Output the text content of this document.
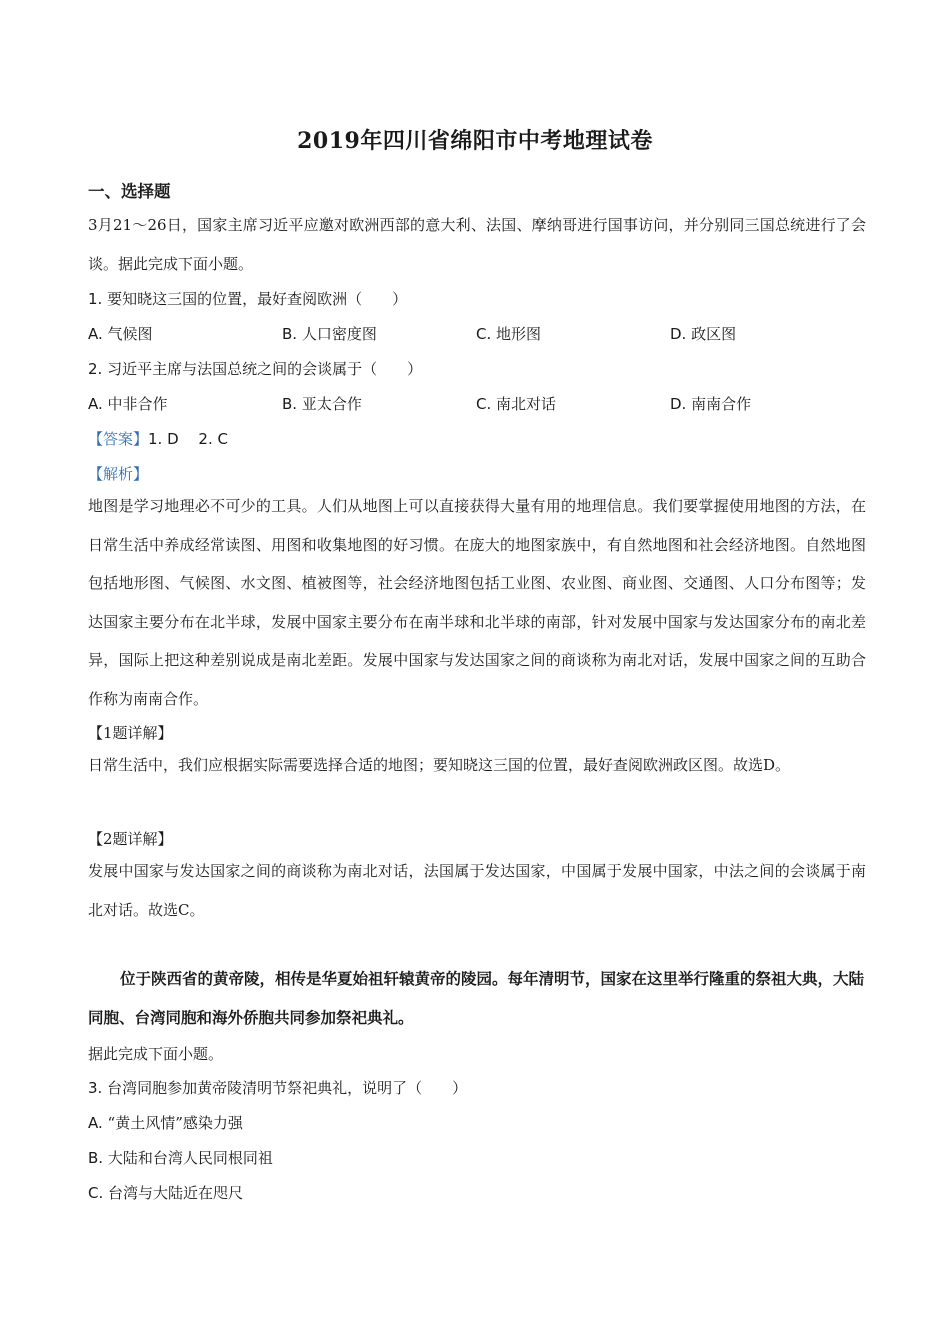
2019年四川省绵阳市中考地理试卷
一、选择题
3月21～26日，国家主席习近平应邀对欧洲西部的意大利、法国、摩纳哥进行国事访问，并分别同三国总统进行了会谈。据此完成下面小题。
1. 要知晓这三国的位置，最好查阅欧洲（　　）
A. 气候图	B. 人口密度图	C. 地形图	D. 政区图
2. 习近平主席与法国总统之间的会谈属于（　　）
A. 中非合作	B. 亚太合作	C. 南北对话	D. 南南合作
【答案】1. D　 2. C
【解析】
地图是学习地理必不可少的工具。人们从地图上可以直接获得大量有用的地理信息。我们要掌握使用地图的方法，在日常生活中养成经常读图、用图和收集地图的好习惯。在庞大的地图家族中，有自然地图和社会经济地图。自然地图包括地形图、气候图、水文图、植被图等，社会经济地图包括工业图、农业图、商业图、交通图、人口分布图等；发达国家主要分布在北半球，发展中国家主要分布在南半球和北半球的南部，针对发展中国家与发达国家分布的南北差异，国际上把这种差别说成是南北差距。发展中国家与发达国家之间的商谈称为南北对话，发展中国家之间的互助合作称为南南合作。
【1题详解】
日常生活中，我们应根据实际需要选择合适的地图；要知晓这三国的位置，最好查阅欧洲政区图。故选D。
【2题详解】
发展中国家与发达国家之间的商谈称为南北对话，法国属于发达国家，中国属于发展中国家，中法之间的会谈属于南北对话。故选C。
位于陕西省的黄帝陵，相传是华夏始祖轩辕黄帝的陵园。每年清明节，国家在这里举行隆重的祭祖大典，大陆同胞、台湾同胞和海外侨胞共同参加祭祀典礼。
据此完成下面小题。
3. 台湾同胞参加黄帝陵清明节祭祀典礼，说明了（　　）
A. “黄土风情”感染力强
B. 大陆和台湾人民同根同祖
C. 台湾与大陆近在咫尺
